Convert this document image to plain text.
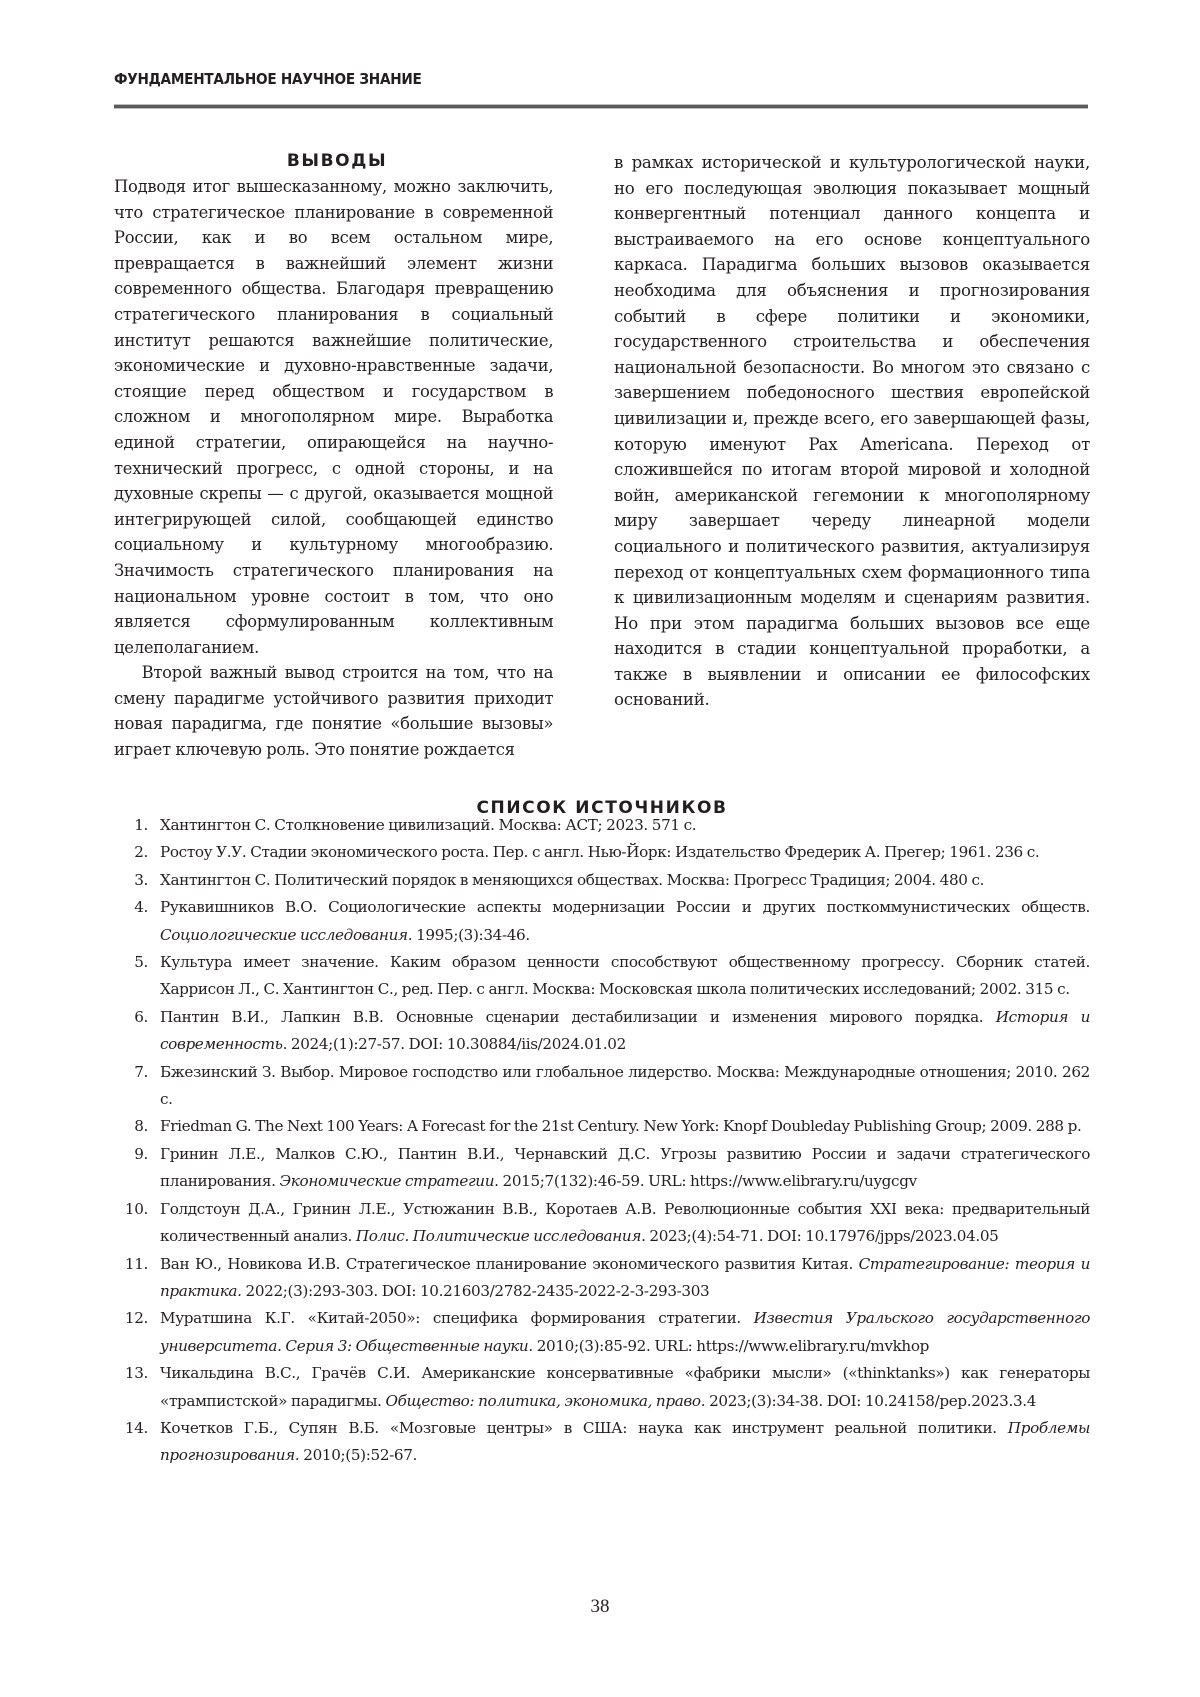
ФУНДАМЕНТАЛЬНОЕ НАУЧНОЕ ЗНАНИЕ
ВЫВОДЫ

Подводя итог вышесказанному, можно заключить, что стратегическое планирование в современной России, как и во всем остальном мире, превращается в важнейший элемент жизни современного общества. Благодаря превращению стратегического планирования в социальный институт решаются важнейшие политические, экономические и духовно-нравственные задачи, стоящие перед обществом и государством в сложном и многополярном мире. Выработка единой стратегии, опирающейся на научно-технический прогресс, с одной стороны, и на духовные скрепы — с другой, оказывается мощной интегрирующей силой, сообщающей единство социальному и культурному многообразию. Значимость стратегического планирования на национальном уровне состоит в том, что оно является сформулированным коллективным целеполаганием.

Второй важный вывод строится на том, что на смену парадигме устойчивого развития приходит новая парадигма, где понятие «большие вызовы» играет ключевую роль. Это понятие рождается

в рамках исторической и культурологической науки, но его последующая эволюция показывает мощный конвергентный потенциал данного концепта и выстраиваемого на его основе концептуального каркаса. Парадигма больших вызовов оказывается необходима для объяснения и прогнозирования событий в сфере политики и экономики, государственного строительства и обеспечения национальной безопасности. Во многом это связано с завершением победоносного шествия европейской цивилизации и, прежде всего, его завершающей фазы, которую именуют Pax Americana. Переход от сложившейся по итогам второй мировой и холодной войн, американской гегемонии к многополярному миру завершает череду линеарной модели социального и политического развития, актуализируя переход от концептуальных схем формационного типа к цивилизационным моделям и сценариям развития. Но при этом парадигма больших вызовов все еще находится в стадии концептуальной проработки, а также в выявлении и описании ее философских оснований.

СПИСОК ИСТОЧНИКОВ
1. Хантингтон С. Столкновение цивилизаций. Москва: АСТ; 2023. 571 с.
2. Ростоу У.У. Стадии экономического роста. Пер. с англ. Нью-Йорк: Издательство Фредерик А. Прегер; 1961. 236 с.
3. Хантингтон С. Политический порядок в меняющихся обществах. Москва: Прогресс Традиция; 2004. 480 с.
4. Рукавишников В.О. Социологические аспекты модернизации России и других посткоммунистических обществ. Социологические исследования. 1995;(3):34-46.
5. Культура имеет значение. Каким образом ценности способствуют общественному прогрессу. Сборник статей. Харрисон Л., С. Хантингтон С., ред. Пер. с англ. Москва: Московская школа политических исследований; 2002. 315 с.
6. Пантин В.И., Лапкин В.В. Основные сценарии дестабилизации и изменения мирового порядка. История и современность. 2024;(1):27-57. DOI: 10.30884/iis/2024.01.02
7. Бжезинский З. Выбор. Мировое господство или глобальное лидерство. Москва: Международные отношения; 2010. 262 с.
8. Friedman G. The Next 100 Years: A Forecast for the 21st Century. New York: Knopf Doubleday Publishing Group; 2009. 288 p.
9. Гринин Л.Е., Малков С.Ю., Пантин В.И., Чернавский Д.С. Угрозы развитию России и задачи стратегического планирования. Экономические стратегии. 2015;7(132):46-59. URL: https://www.elibrary.ru/uygcgv
10. Голдстоун Д.А., Гринин Л.Е., Устюжанин В.В., Коротаев А.В. Революционные события XXI века: предварительный количественный анализ. Полис. Политические исследования. 2023;(4):54-71. DOI: 10.17976/jpps/2023.04.05
11. Ван Ю., Новикова И.В. Стратегическое планирование экономического развития Китая. Стратегирование: теория и практика. 2022;(3):293-303. DOI: 10.21603/2782-2435-2022-2-3-293-303
12. Муратшина К.Г. «Китай-2050»: специфика формирования стратегии. Известия Уральского государственного университета. Серия 3: Общественные науки. 2010;(3):85-92. URL: https://www.elibrary.ru/mvkhop
13. Чикальдина В.С., Грачёв С.И. Американские консервативные «фабрики мысли» («thinktanks») как генераторы «трампистской» парадигмы. Общество: политика, экономика, право. 2023;(3):34-38. DOI: 10.24158/pep.2023.3.4
14. Кочетков Г.Б., Супян В.Б. «Мозговые центры» в США: наука как инструмент реальной политики. Проблемы прогнозирования. 2010;(5):52-67.
38
